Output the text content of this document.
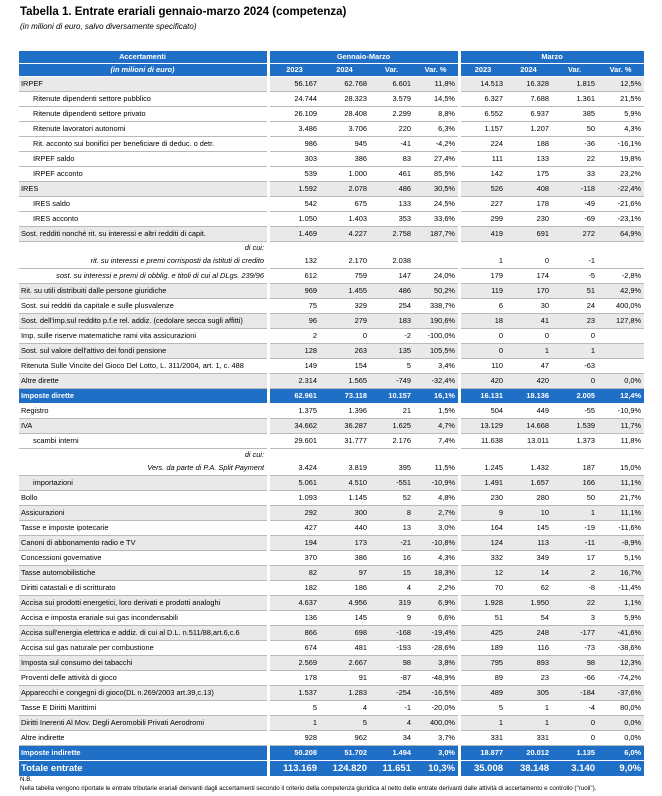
Tabella 1. Entrate erariali gennaio-marzo 2024 (competenza)
(in milioni di euro, salvo diversamente specificato)
Accertamenti		Gennaio-Marzo					Marzo			
(in milioni di euro)		2023	2024	Var.	Var. %		2023	2024	Var.	Var. %
IRPEF		56.167	62.768	6.601	11,8%		14.513	16.328	1.815	12,5%
Ritenute dipendenti settore pubblico		24.744	28.323	3.579	14,5%		6.327	7.688	1.361	21,5%
Ritenute dipendenti settore privato		26.109	28.408	2.299	8,8%		6.552	6.937	385	5,9%
Ritenute lavoratori autonomi		3.486	3.706	220	6,3%		1.157	1.207	50	4,3%
Rit. acconto sui bonifici per beneficiare di deduc. o detr.		986	945	-41	-4,2%		224	188	-36	-16,1%
IRPEF saldo		303	386	83	27,4%		111	133	22	19,8%
IRPEF acconto		539	1.000	461	85,5%		142	175	33	23,2%
IRES		1.592	2.078	486	30,5%		526	408	-118	-22,4%
IRES saldo		542	675	133	24,5%		227	178	-49	-21,6%
IRES acconto		1.050	1.403	353	33,6%		299	230	-69	-23,1%
Sost. redditi nonché rit. su interessi e altri redditi di capit.		1.469	4.227	2.758	187,7%		419	691	272	64,9%
di cui:										
rit. su interessi e premi corrisposti da istituti di credito		132	2.170	2.038			1	0	-1	
sost. su interessi e premi di obblig. e titoli di cui al DLgs. 239/96		612	759	147	24,0%		179	174	-5	-2,8%
Rit. su utili distribuiti dalle persone giuridiche		969	1.455	486	50,2%		119	170	51	42,9%
Sost. sui redditi da capitale e sulle plusvalenze		75	329	254	338,7%		6	30	24	400,0%
Sost. dell'imp.sul reddito p.f.e rel. addiz. (cedolare secca sugli affitti)		96	279	183	190,6%		18	41	23	127,8%
Imp. sulle riserve matematiche rami vita assicurazioni		2	0	-2	-100,0%		0	0	0	
Sost. sul valore dell'attivo dei fondi pensione		128	263	135	105,5%		0	1	1	
Ritenuta Sulle Vincite del Gioco Del Lotto, L. 311/2004, art. 1, c. 488		149	154	5	3,4%		110	47	-63	
Altre dirette		2.314	1.565	-749	-32,4%		420	420	0	0,0%
Imposte dirette		62.961	73.118	10.157	16,1%		16.131	18.136	2.005	12,4%
Registro		1.375	1.396	21	1,5%		504	449	-55	-10,9%
IVA		34.662	36.287	1.625	4,7%		13.129	14.668	1.539	11,7%
scambi interni		29.601	31.777	2.176	7,4%		11.638	13.011	1.373	11,8%
di cui:										
Vers. da parte di P.A. Split Payment		3.424	3.819	395	11,5%		1.245	1.432	187	15,0%
importazioni		5.061	4.510	-551	-10,9%		1.491	1.657	166	11,1%
Bollo		1.093	1.145	52	4,8%		230	280	50	21,7%
Assicurazioni		292	300	8	2,7%		9	10	1	11,1%
Tasse e imposte ipotecarie		427	440	13	3,0%		164	145	-19	-11,6%
Canoni di abbonamento radio e TV		194	173	-21	-10,8%		124	113	-11	-8,9%
Concessioni governative		370	386	16	4,3%		332	349	17	5,1%
Tasse automobilistiche		82	97	15	18,3%		12	14	2	16,7%
Diritti catastali e di scritturato		182	186	4	2,2%		70	62	-8	-11,4%
Accisa sui prodotti energetici, loro derivati e prodotti analoghi		4.637	4.956	319	6,9%		1.928	1.950	22	1,1%
Accisa e imposta erariale sui gas incondensabili		136	145	9	6,6%		51	54	3	5,9%
Accisa sull'energia elettrica e addiz. di cui al D.L. n.511/88,art.6,c.6		866	698	-168	-19,4%		425	248	-177	-41,6%
Accisa sul gas naturale per combustione		674	481	-193	-28,6%		189	116	-73	-38,6%
Imposta sul consumo dei tabacchi		2.569	2.667	98	3,8%		795	893	98	12,3%
Proventi delle attività di gioco		178	91	-87	-48,9%		89	23	-66	-74,2%
Apparecchi e congegni di gioco(DL n.269/2003 art.39,c.13)		1.537	1.283	-254	-16,5%		489	305	-184	-37,6%
Tasse E Diritti Marittimi		5	4	-1	-20,0%		5	1	-4	80,0%
Diritti Inerenti Al Mov. Degli Aeromobili Privati Aerodromi		1	5	4	400,0%		1	1	0	0,0%
Altre indirette		928	962	34	3,7%		331	331	0	0,0%
Imposte indirette		50.208	51.702	1.494	3,0%		18.877	20.012	1.135	6,0%
Totale entrate		113.169	124.820	11.651	10,3%		35.008	38.148	3.140	9,0%
N.B.
Nella tabella vengono riportate le entrate tributarie erariali derivanti dagli accertamenti secondo il criterio della competenza giuridica al netto delle entrate derivanti dalle attività di accertamento e controllo ("ruoli").
